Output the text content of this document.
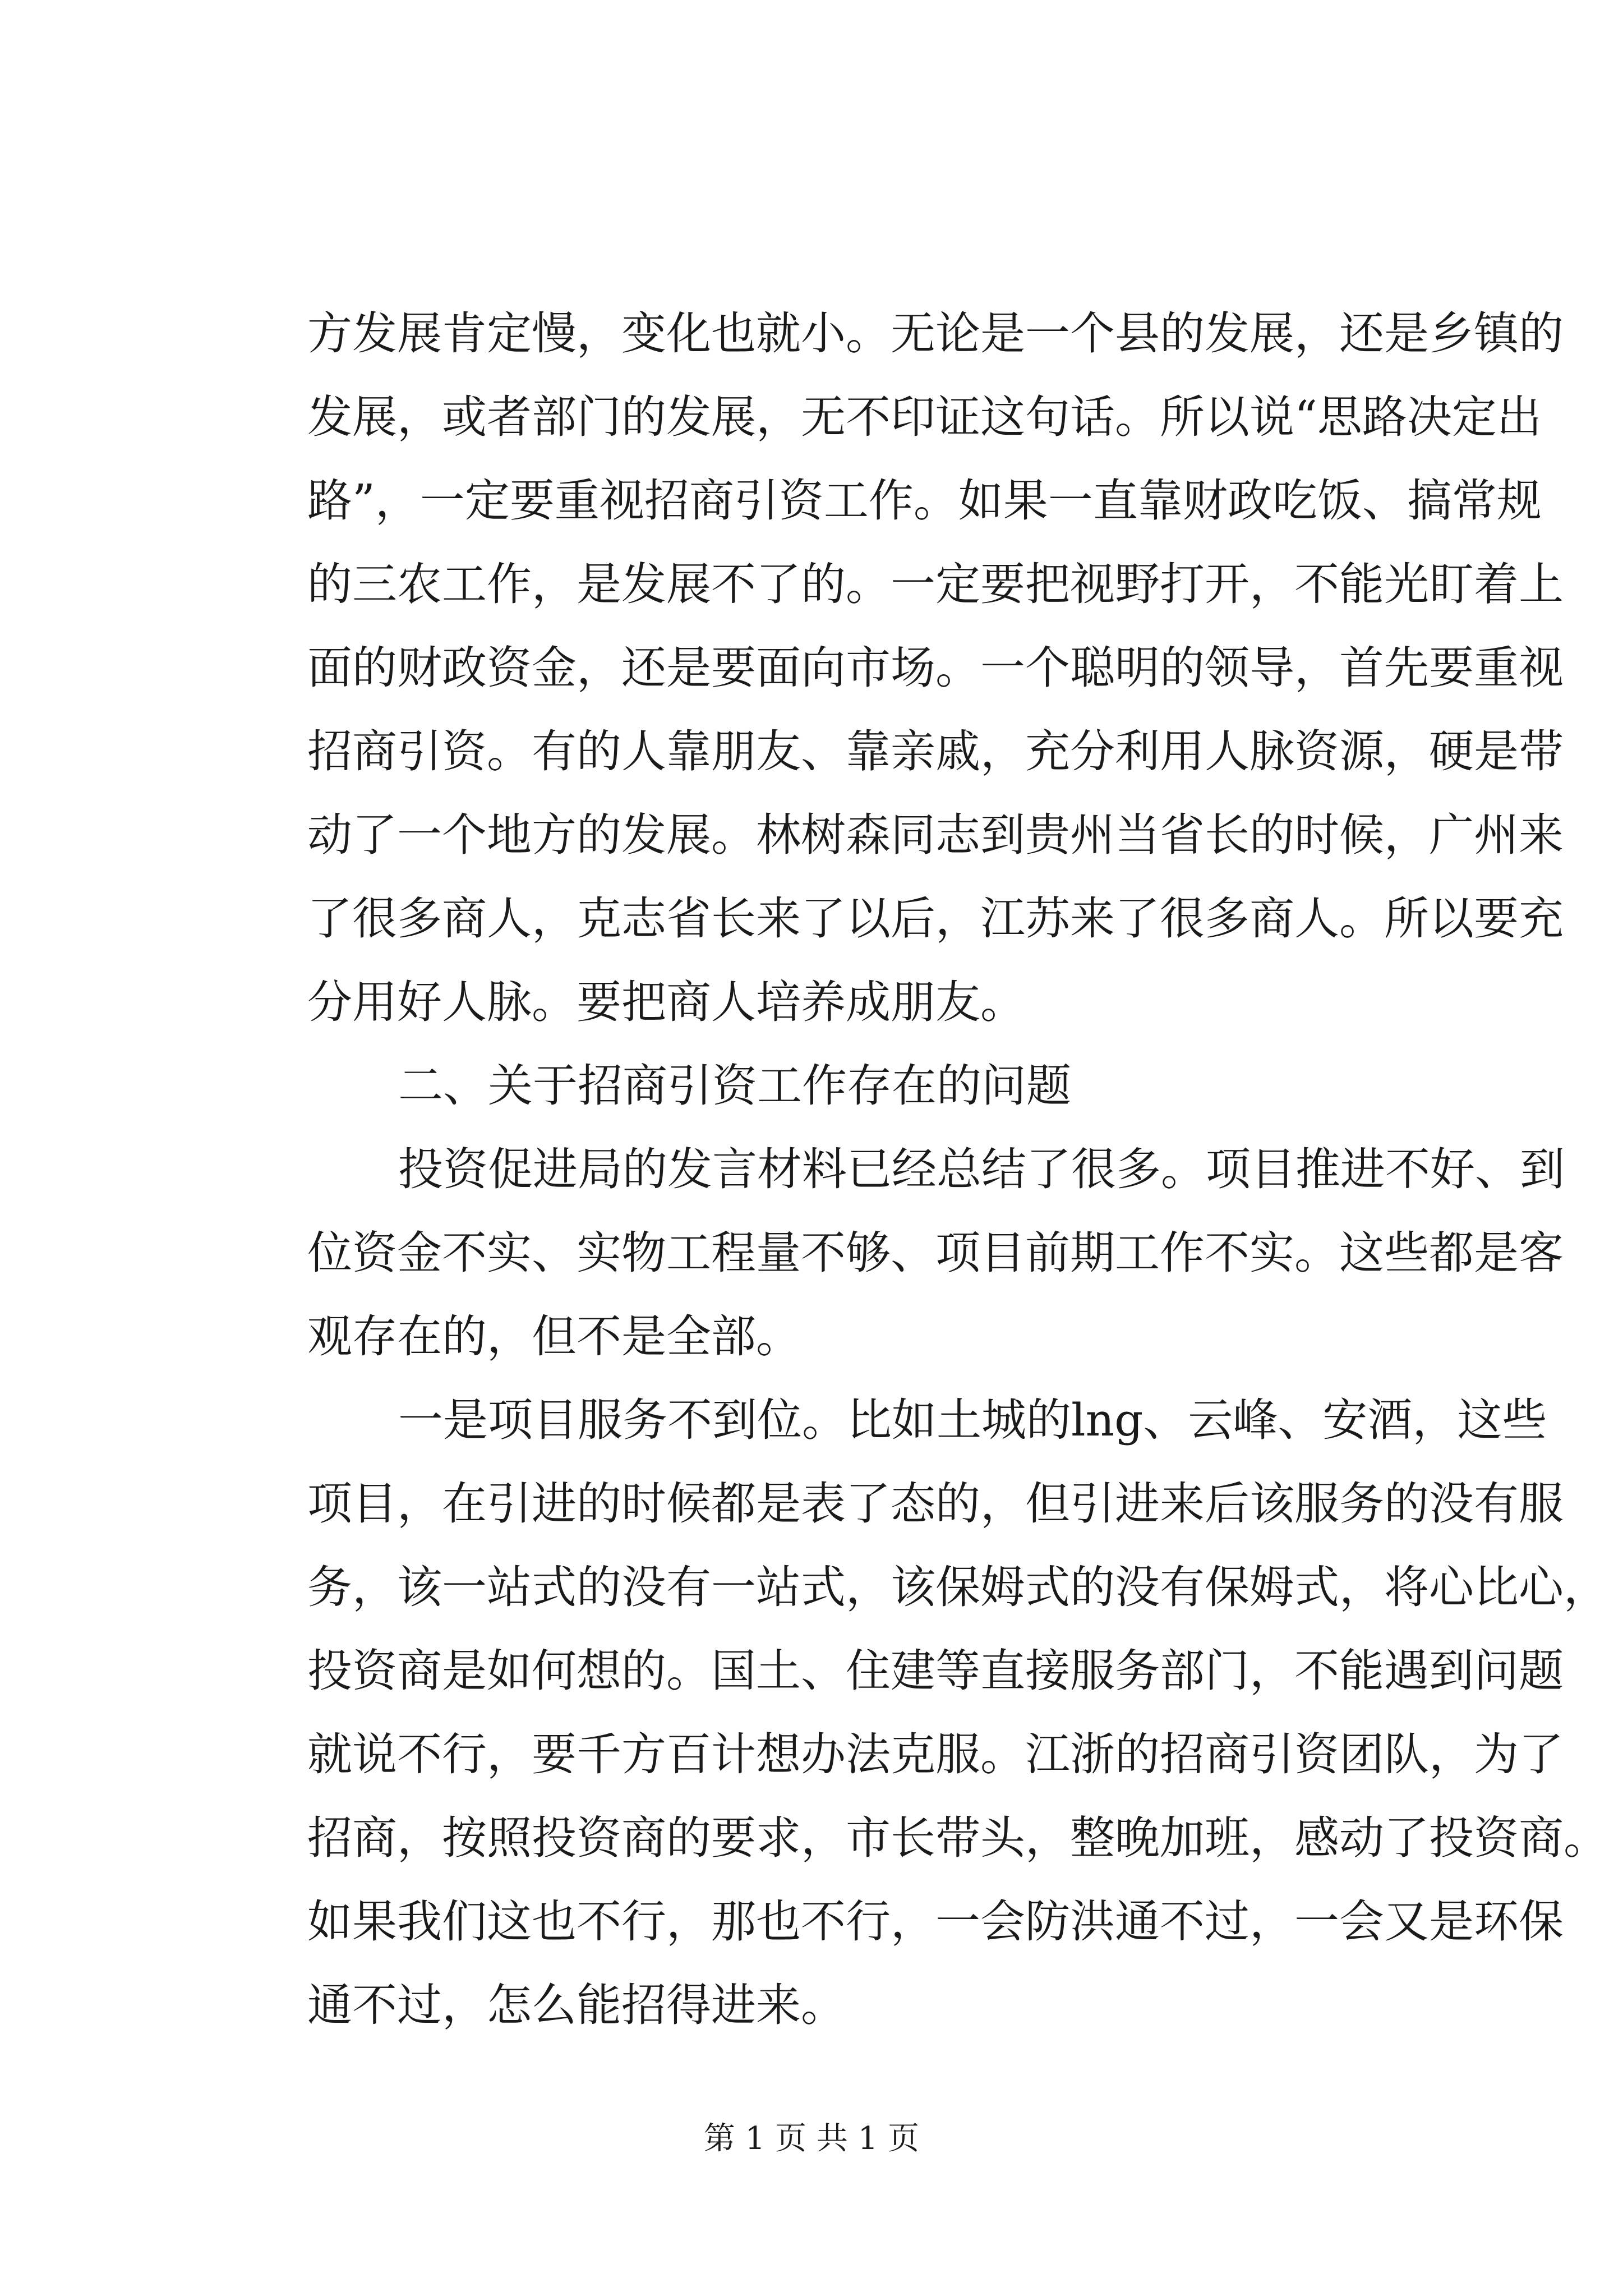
方发展肯定慢，变化也就小。无论是一个县的发展，还是乡镇的
发展，或者部门的发展，无不印证这句话。所以说“思路决定出
路”，一定要重视招商引资工作。如果一直靠财政吃饭、搞常规
的三农工作，是发展不了的。一定要把视野打开，不能光盯着上
面的财政资金，还是要面向市场。一个聪明的领导，首先要重视
招商引资。有的人靠朋友、靠亲戚，充分利用人脉资源，硬是带
动了一个地方的发展。林树森同志到贵州当省长的时候，广州来
了很多商人，克志省长来了以后，江苏来了很多商人。所以要充
分用好人脉。要把商人培养成朋友。
二、关于招商引资工作存在的问题
投资促进局的发言材料已经总结了很多。项目推进不好、到
位资金不实、实物工程量不够、项目前期工作不实。这些都是客
观存在的，但不是全部。
一是项目服务不到位。比如土城的lng、云峰、安酒，这些
项目，在引进的时候都是表了态的，但引进来后该服务的没有服
务，该一站式的没有一站式，该保姆式的没有保姆式，将心比心，
投资商是如何想的。国土、住建等直接服务部门，不能遇到问题
就说不行，要千方百计想办法克服。江浙的招商引资团队，为了
招商，按照投资商的要求，市长带头，整晚加班，感动了投资商。
如果我们这也不行，那也不行，一会防洪通不过，一会又是环保
通不过，怎么能招得进来。
第 1 页 共 1 页
